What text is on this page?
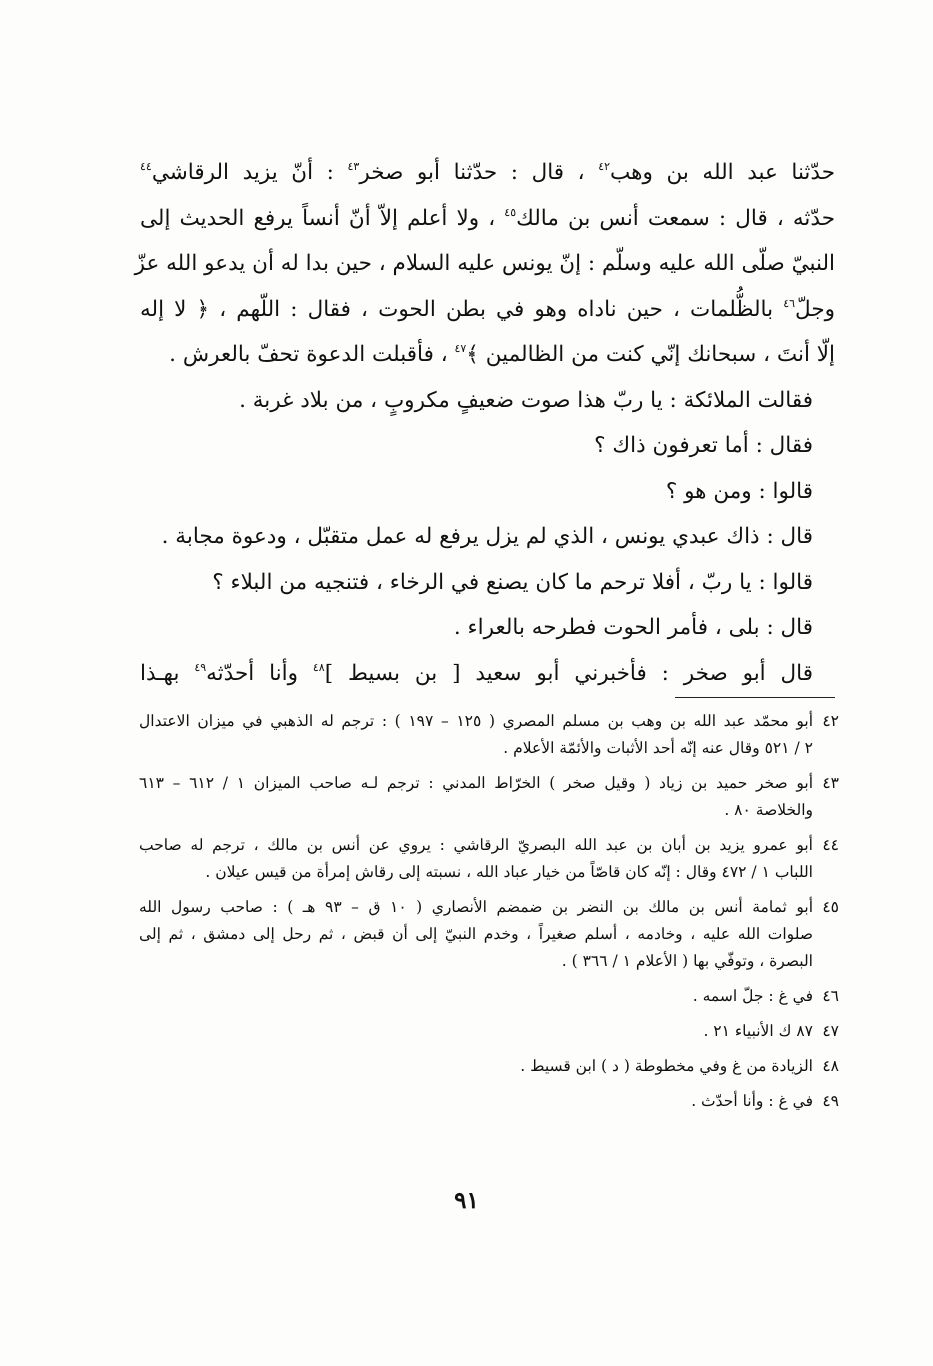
حدّثنا عبد الله بن وهب$^{٤٢}$ ، قال : حدّثنا أبو صخر$^{٤٣}$ : أنّ يزيد الرقاشي$^{٤٤}$
حدّثه ، قال : سمعت أنس بن مالك$^{٤٥}$ ، ولا أعلم إلاّ أنّ أنساً يرفع الحديث إلى
النبيّ صلّى الله عليه وسلّم : إنّ يونس عليه السلام ، حين بدا له أن يدعو الله عزّ
وجلّ$^{٤٦}$ بالظُّلمات ، حين ناداه وهو في بطن الحوت ، فقال : اللّهم ، ﴿ لا إله
إلّا أنتَ ، سبحانك إنّي كنت من الظالمين ﴾$^{٤٧}$ ، فأقبلت الدعوة تحفّ بالعرش .
فقالت الملائكة : يا ربّ هذا صوت ضعيفٍ مكروبٍ ، من بلاد غربة .
فقال : أما تعرفون ذاك ؟
قالوا : ومن هو ؟
قال : ذاك عبدي يونس ، الذي لم يزل يرفع له عمل متقبّل ، ودعوة مجابة .
قالوا : يا ربّ ، أفلا ترحم ما كان يصنع في الرخاء ، فتنجيه من البلاء ؟
قال : بلى ، فأمر الحوت فطرحه بالعراء .
قال أبو صخر : فأخبرني أبو سعيد [ بن بسيط ]$^{٤٨}$ وأنا أحدّثه$^{٤٩}$ بهـذا
٤٢
أبو محمّد عبد الله بن وهب بن مسلم المصري ( ١٢٥ – ١٩٧ ) : ترجم له الذهبي في ميزان الاعتدال
٢ / ٥٢١ وقال عنه إنّه أحد الأثبات والأئمّة الأعلام .
٤٣
أبو صخر حميد بن زياد ( وقيل صخر ) الخرّاط المدني : ترجم لـه صاحب الميزان ١ / ٦١٢ – ٦١٣
والخلاصة ٨٠ .
٤٤
أبو عمرو يزيد بن أبان بن عبد الله البصريّ الرقاشي : يروي عن أنس بن مالك ، ترجم له صاحب
اللباب ١ / ٤٧٢ وقال : إنّه كان قاصّاً من خيار عباد الله ، نسبته إلى رقاش إمرأة من قيس عيلان .
٤٥
أبو ثمامة أنس بن مالك بن النضر بن ضمضم الأنصاري ( ١٠ ق – ٩٣ هـ ) : صاحب رسول الله
صلوات الله عليه ، وخادمه ، أسلم صغيراً ، وخدم النبيّ إلى أن قبض ، ثم رحل إلى دمشق ، ثم إلى
البصرة ، وتوفّي بها ( الأعلام ١ / ٣٦٦ ) .
٤٦
في غ : جلّ اسمه .
٤٧
٨٧ ك الأنبياء ٢١ .
٤٨
الزيادة من غ وفي مخطوطة ( د ) ابن قسيط .
٤٩
في غ : وأنا أحدّث .
٩١
